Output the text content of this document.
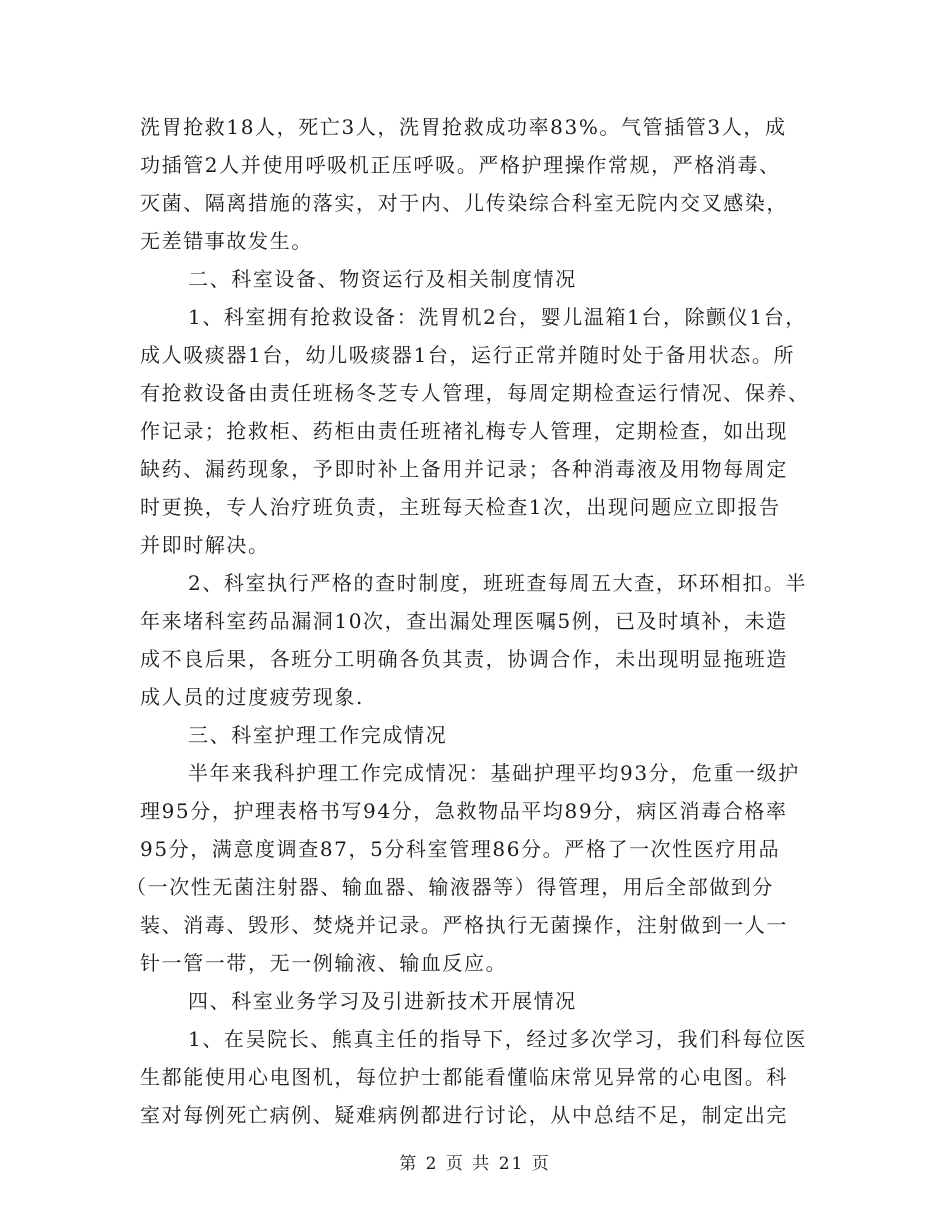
洗胃抢救18人，死亡3人，洗胃抢救成功率83%。气管插管3人，成
功插管2人并使用呼吸机正压呼吸。严格护理操作常规，严格消毒、
灭菌、隔离措施的落实，对于内、儿传染综合科室无院内交叉感染，
无差错事故发生。
二、科室设备、物资运行及相关制度情况
1、科室拥有抢救设备：洗胃机2台，婴儿温箱1台，除颤仪1台，
成人吸痰器1台，幼儿吸痰器1台，运行正常并随时处于备用状态。所
有抢救设备由责任班杨冬芝专人管理，每周定期检查运行情况、保养、
作记录；抢救柜、药柜由责任班褚礼梅专人管理，定期检查，如出现
缺药、漏药现象，予即时补上备用并记录；各种消毒液及用物每周定
时更换，专人治疗班负责，主班每天检查1次，出现问题应立即报告
并即时解决。
2、科室执行严格的查时制度，班班查每周五大查，环环相扣。半
年来堵科室药品漏洞10次，查出漏处理医嘱5例，已及时填补，未造
成不良后果，各班分工明确各负其责，协调合作，未出现明显拖班造
成人员的过度疲劳现象.
三、科室护理工作完成情况
半年来我科护理工作完成情况：基础护理平均93分，危重一级护
理95分，护理表格书写94分，急救物品平均89分，病区消毒合格率
95分，满意度调查87，5分科室管理86分。严格了一次性医疗用品
（一次性无菌注射器、输血器、输液器等）得管理，用后全部做到分
装、消毒、毁形、焚烧并记录。严格执行无菌操作，注射做到一人一
针一管一带，无一例输液、输血反应。
四、科室业务学习及引进新技术开展情况
1、在吴院长、熊真主任的指导下，经过多次学习，我们科每位医
生都能使用心电图机，每位护士都能看懂临床常见异常的心电图。科
室对每例死亡病例、疑难病例都进行讨论，从中总结不足，制定出完
第 2 页 共 21 页
